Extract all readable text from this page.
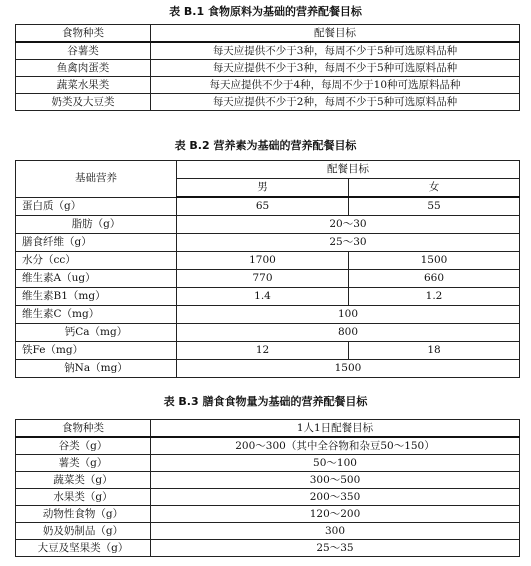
表 B.1 食物原料为基础的营养配餐目标

食物种类	配餐目标
谷薯类	每天应提供不少于3种，每周不少于5种可选原料品种
鱼禽肉蛋类	每天应提供不少于3种，每周不少于5种可选原料品种
蔬菜水果类	每天应提供不少于4种，每周不少于10种可选原料品种
奶类及大豆类	每天应提供不少于2种，每周不少于5种可选原料品种

表 B.2 营养素为基础的营养配餐目标

基础营养	配餐目标	
	男	女
蛋白质（g）	65	55
脂肪（g）	20～30	
膳食纤维（g）	25～30	
水分（cc）	1700	1500
维生素A（ug）	770	660
维生素B1（mg）	1.4	1.2
维生素C（mg）	100	
钙Ca（mg）	800	
铁Fe（mg）	12	18
钠Na（mg）	1500	

表 B.3 膳食食物量为基础的营养配餐目标

食物种类	1人1日配餐目标
谷类（g）	200～300（其中全谷物和杂豆50～150）
薯类（g）	50～100
蔬菜类（g）	300～500
水果类（g）	200～350
动物性食物（g）	120～200
奶及奶制品（g）	300
大豆及坚果类（g）	25～35
